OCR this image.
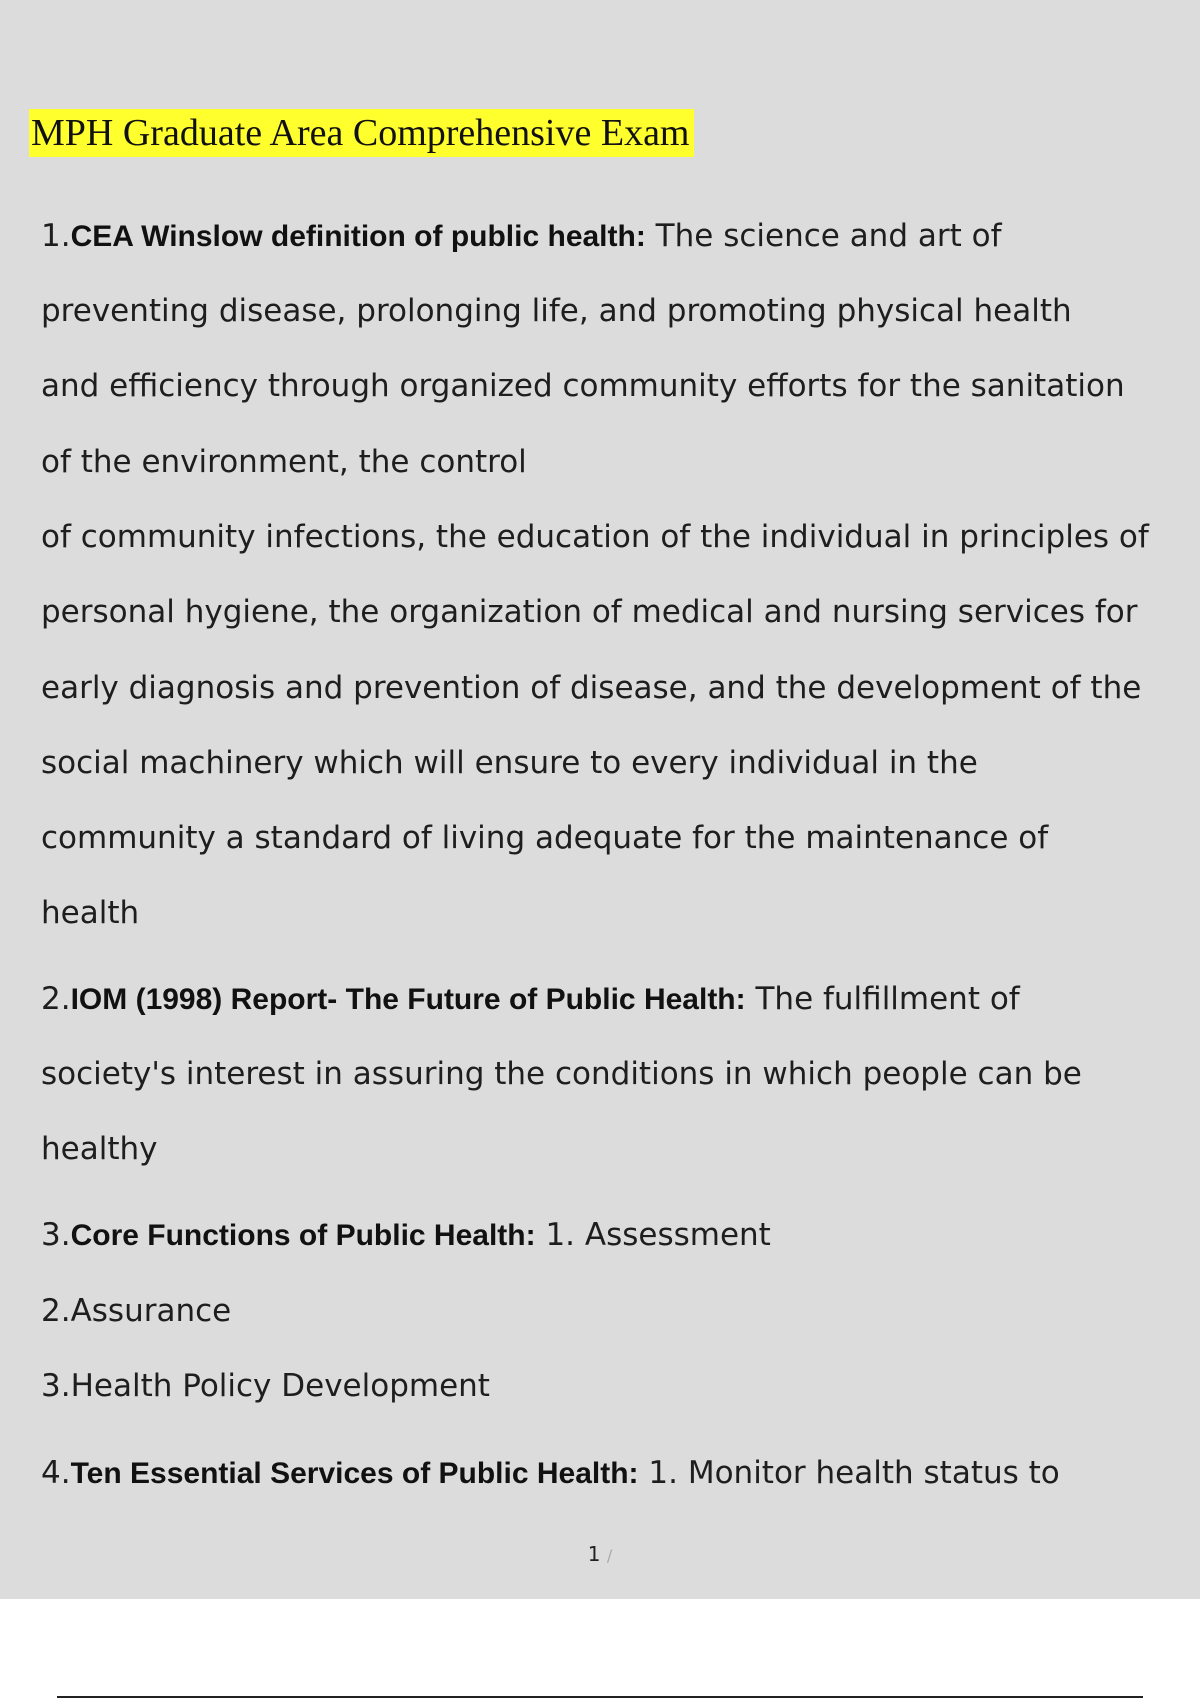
MPH Graduate Area Comprehensive Exam
1.CEA Winslow definition of public health: The science and art of
preventing disease, prolonging life, and promoting physical health
and efficiency through organized community efforts for the sanitation
of the environment, the control
of community infections, the education of the individual in principles of
personal hygiene, the organization of medical and nursing services for
early diagnosis and prevention of disease, and the development of the
social machinery which will ensure to every individual in the
community a standard of living adequate for the maintenance of
health
2.IOM (1998) Report- The Future of Public Health: The fulfillment of
society's interest in assuring the conditions in which people can be
healthy
3.Core Functions of Public Health: 1. Assessment
2.Assurance
3.Health Policy Development
4.Ten Essential Services of Public Health: 1. Monitor health status to
1 /
